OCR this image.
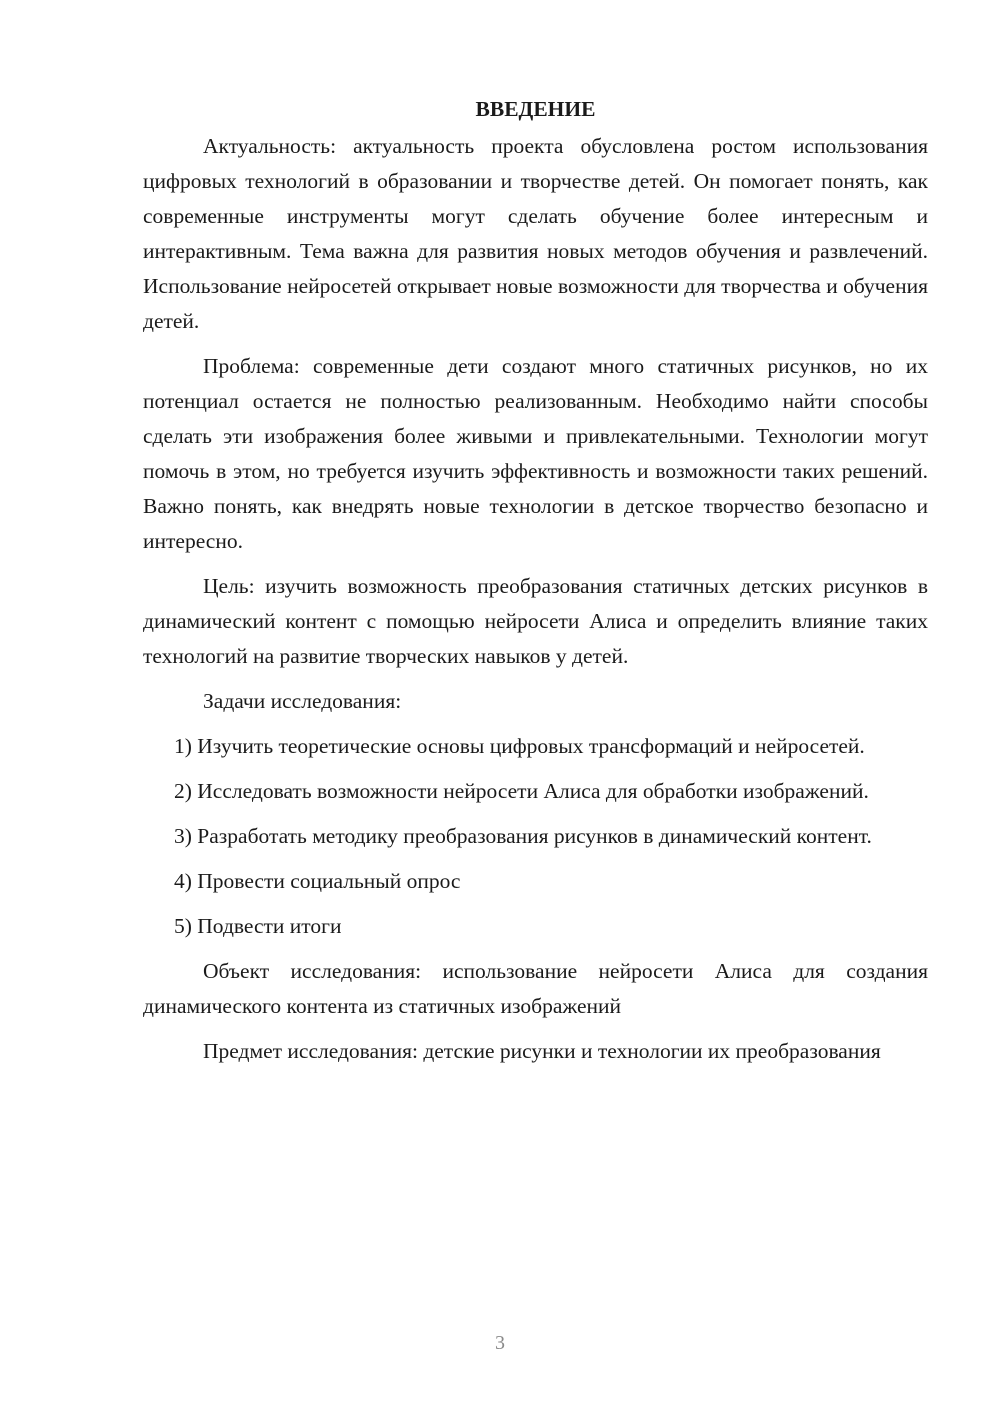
ВВЕДЕНИЕ

Актуальность: актуальность проекта обусловлена ростом использования цифровых технологий в образовании и творчестве детей. Он помогает понять, как современные инструменты могут сделать обучение более интересным и интерактивным. Тема важна для развития новых методов обучения и развлечений. Использование нейросетей открывает новые возможности для творчества и обучения детей.

Проблема: современные дети создают много статичных рисунков, но их потенциал остается не полностью реализованным. Необходимо найти способы сделать эти изображения более живыми и привлекательными. Технологии могут помочь в этом, но требуется изучить эффективность и возможности таких решений. Важно понять, как внедрять новые технологии в детское творчество безопасно и интересно.

Цель: изучить возможность преобразования статичных детских рисунков в динамический контент с помощью нейросети Алиса и определить влияние таких технологий на развитие творческих навыков у детей.

Задачи исследования:

1) Изучить теоретические основы цифровых трансформаций и нейросетей.

2) Исследовать возможности нейросети Алиса для обработки изображений.

3) Разработать методику преобразования рисунков в динамический контент.

4) Провести социальный опрос

5) Подвести итоги

Объект исследования: использование нейросети Алиса для создания динамического контента из статичных изображений

Предмет исследования: детские рисунки и технологии их преобразования

3
